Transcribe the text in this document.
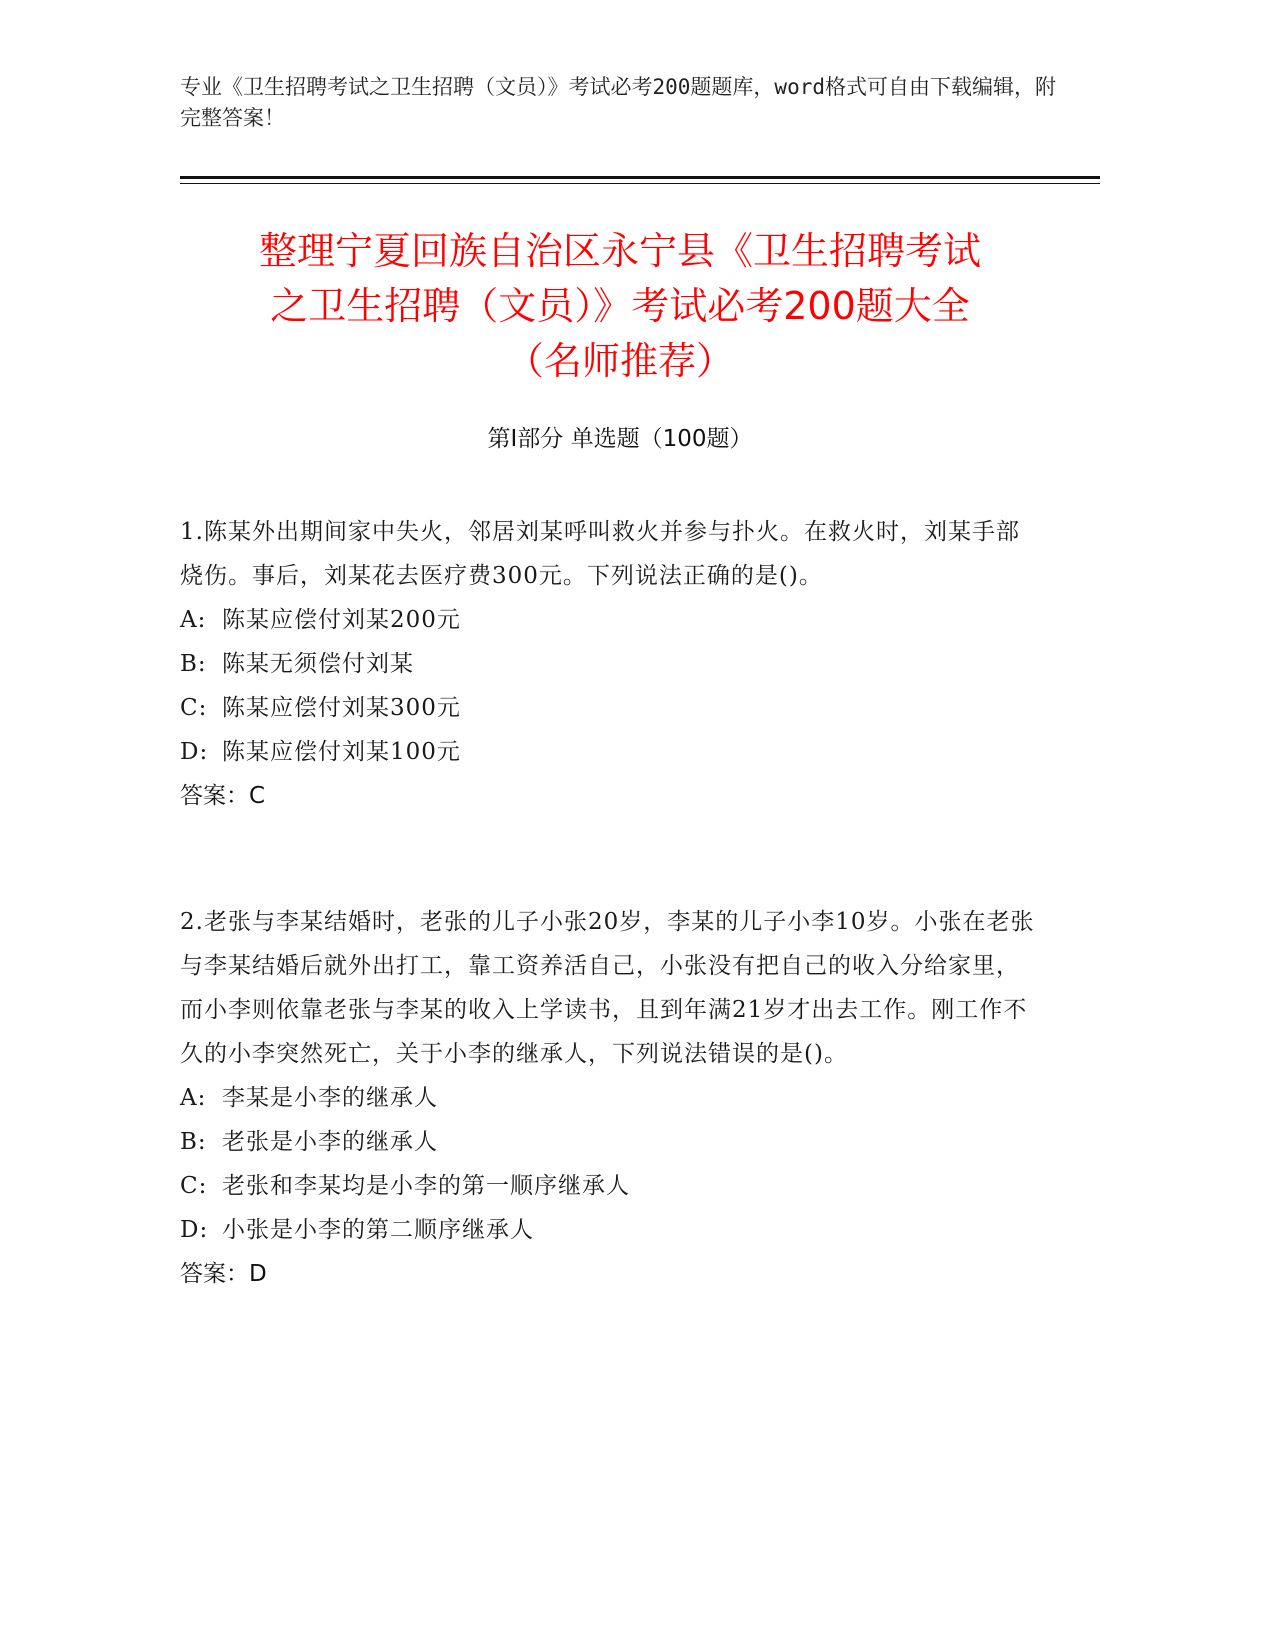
专业《卫生招聘考试之卫生招聘（文员）》考试必考200题题库，word格式可自由下载编辑，附完整答案！
整理宁夏回族自治区永宁县《卫生招聘考试
之卫生招聘（文员）》考试必考200题大全
（名师推荐）
第Ⅰ部分 单选题（100题）
1.陈某外出期间家中失火，邻居刘某呼叫救火并参与扑火。在救火时，刘某手部烧伤。事后，刘某花去医疗费300元。下列说法正确的是()。
A: 陈某应偿付刘某200元
B: 陈某无须偿付刘某
C: 陈某应偿付刘某300元
D: 陈某应偿付刘某100元
答案：C
2.老张与李某结婚时，老张的儿子小张20岁，李某的儿子小李10岁。小张在老张与李某结婚后就外出打工，靠工资养活自己，小张没有把自己的收入分给家里，而小李则依靠老张与李某的收入上学读书，且到年满21岁才出去工作。刚工作不久的小李突然死亡，关于小李的继承人，下列说法错误的是()。
A: 李某是小李的继承人
B: 老张是小李的继承人
C: 老张和李某均是小李的第一顺序继承人
D: 小张是小李的第二顺序继承人
答案：D
